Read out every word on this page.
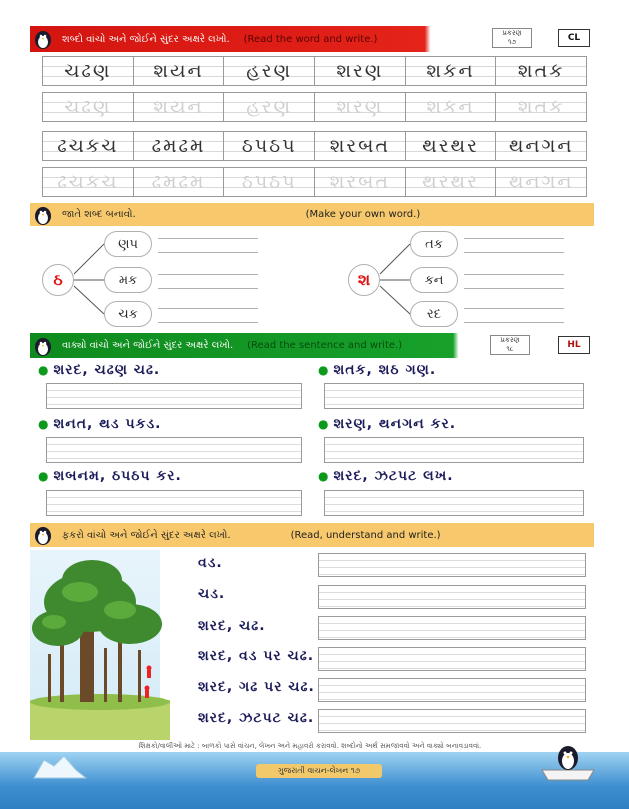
શબ્દો વાંચો અને જોઈને સુંદર અક્ષરે લખો. (Read the word and write.)
પ્રકરણ
૧૭	CL
ચઢણ	શયન	હરણ	શરણ	શકન	શતક
ચઢણ	શયન	હરણ	શરણ	શકન	શતક
ઢચકચ	ઢમઢમ	ઠપઠપ	શરબત	થરથર	થનગન
ઢચકચ	ઢમઢમ	ઠપઠપ	શરબત	થરથર	થનગન
જાતે શબ્દ બનાવો.	(Make your own word.)
ઠ
ણપ
મક
ચક
શ
તક
કન
રદ
વાક્યો વાંચો અને જોઈને સુંદર અક્ષરે લખો. (Read the sentence and write.)	પ્રકરણ
૧૮	HL
● શરદ, ચઢણ ચઢ.	● શતક, શઠ ગણ.
● શનત, થડ પકડ.	● શરણ, થનગન કર.
● શબનમ, ઠપઠપ કર.	● શરદ, ઝટપટ લખ.
ફકરો વાંચો અને જોઈને સુંદર અક્ષરે લખો.	(Read, understand and write.)
વડ.
ચડ.
શરદ, ચઢ.
શરદ, વડ પર ચઢ.
શરદ, ગઢ પર ચઢ.
શરદ, ઝટપટ ચઢ.
શિક્ષકો/વાલીઓ માટે : બાળકો પાસે વાંચન, લેખન અને મહાવરો કરાવવો. શબ્દોનો અર્થ સમજાવવો અને વાક્યો બનાવડાવવાં.
ગુજરાતી વાચન-લેખન ૧૭
